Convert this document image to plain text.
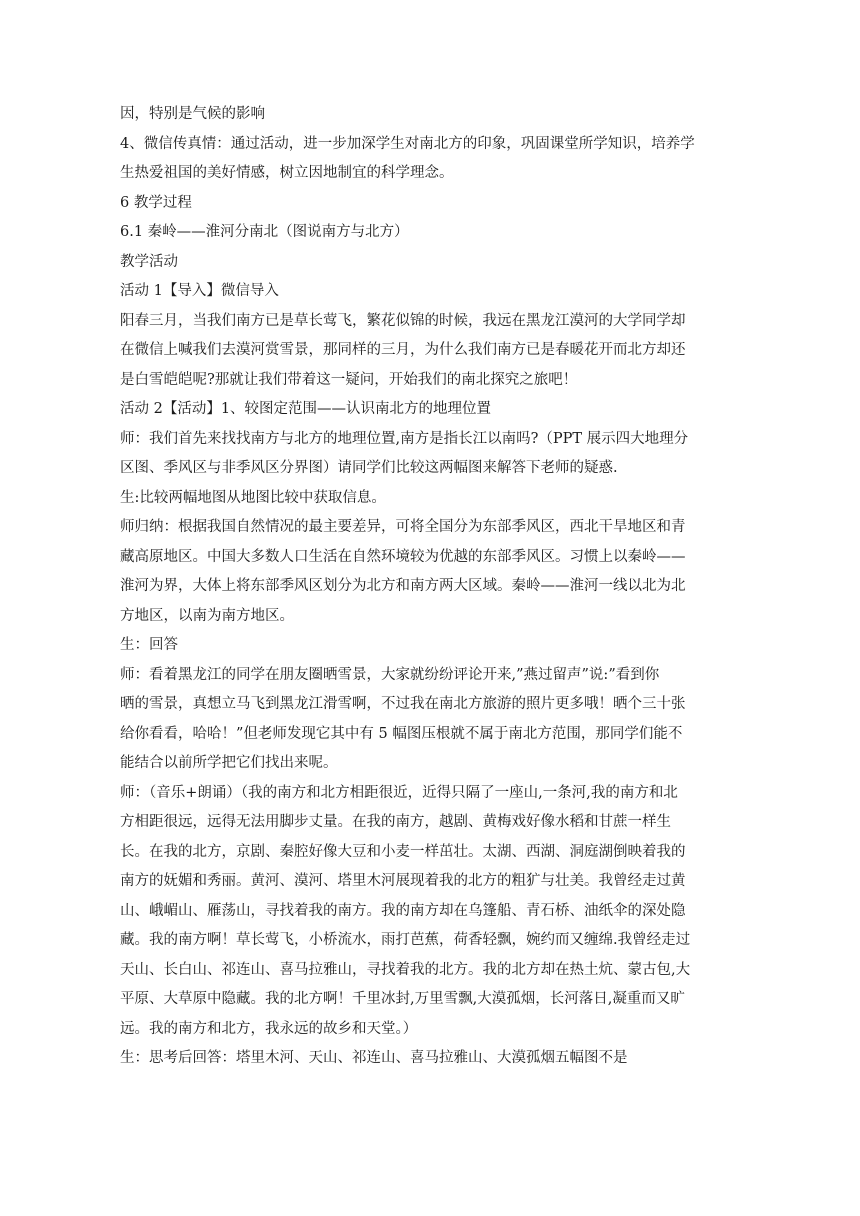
因，特别是气候的影响
4、微信传真情：通过活动，进一步加深学生对南北方的印象，巩固课堂所学知识，培养学
生热爱祖国的美好情感，树立因地制宜的科学理念。
6 教学过程
6.1 秦岭——淮河分南北（图说南方与北方）
教学活动
活动 1【导入】微信导入
阳春三月，当我们南方已是草长莺飞，繁花似锦的时候，我远在黑龙江漠河的大学同学却
在微信上喊我们去漠河赏雪景，那同样的三月，为什么我们南方已是春暖花开而北方却还
是白雪皑皑呢?那就让我们带着这一疑问，开始我们的南北探究之旅吧！
活动 2【活动】1、较图定范围——认识南北方的地理位置
师：我们首先来找找南方与北方的地理位置,南方是指长江以南吗?（PPT 展示四大地理分
区图、季风区与非季风区分界图）请同学们比较这两幅图来解答下老师的疑惑.
生:比较两幅地图从地图比较中获取信息。
师归纳：根据我国自然情况的最主要差异，可将全国分为东部季风区，西北干旱地区和青
藏高原地区。中国大多数人口生活在自然环境较为优越的东部季风区。习惯上以秦岭——
淮河为界，大体上将东部季风区划分为北方和南方两大区域。秦岭——淮河一线以北为北
方地区，以南为南方地区。
生：回答
师：看着黑龙江的同学在朋友圈晒雪景，大家就纷纷评论开来,”燕过留声”说:”看到你
晒的雪景，真想立马飞到黑龙江滑雪啊，不过我在南北方旅游的照片更多哦！晒个三十张
给你看看，哈哈！”但老师发现它其中有 5 幅图压根就不属于南北方范围，那同学们能不
能结合以前所学把它们找出来呢。
师：（音乐+朗诵）（我的南方和北方相距很近，近得只隔了一座山,一条河,我的南方和北
方相距很远，远得无法用脚步丈量。在我的南方，越剧、黄梅戏好像水稻和甘蔗一样生
长。在我的北方，京剧、秦腔好像大豆和小麦一样茁壮。太湖、西湖、洞庭湖倒映着我的
南方的妩媚和秀丽。黄河、漠河、塔里木河展现着我的北方的粗犷与壮美。我曾经走过黄
山、峨嵋山、雁荡山，寻找着我的南方。我的南方却在乌篷船、青石桥、油纸伞的深处隐
藏。我的南方啊！草长莺飞，小桥流水，雨打芭蕉，荷香轻飘，婉约而又缠绵.我曾经走过
天山、长白山、祁连山、喜马拉雅山，寻找着我的北方。我的北方却在热土炕、蒙古包,大
平原、大草原中隐藏。我的北方啊！千里冰封,万里雪飘,大漠孤烟，长河落日,凝重而又旷
远。我的南方和北方，我永远的故乡和天堂。）
生：思考后回答：塔里木河、天山、祁连山、喜马拉雅山、大漠孤烟五幅图不是
